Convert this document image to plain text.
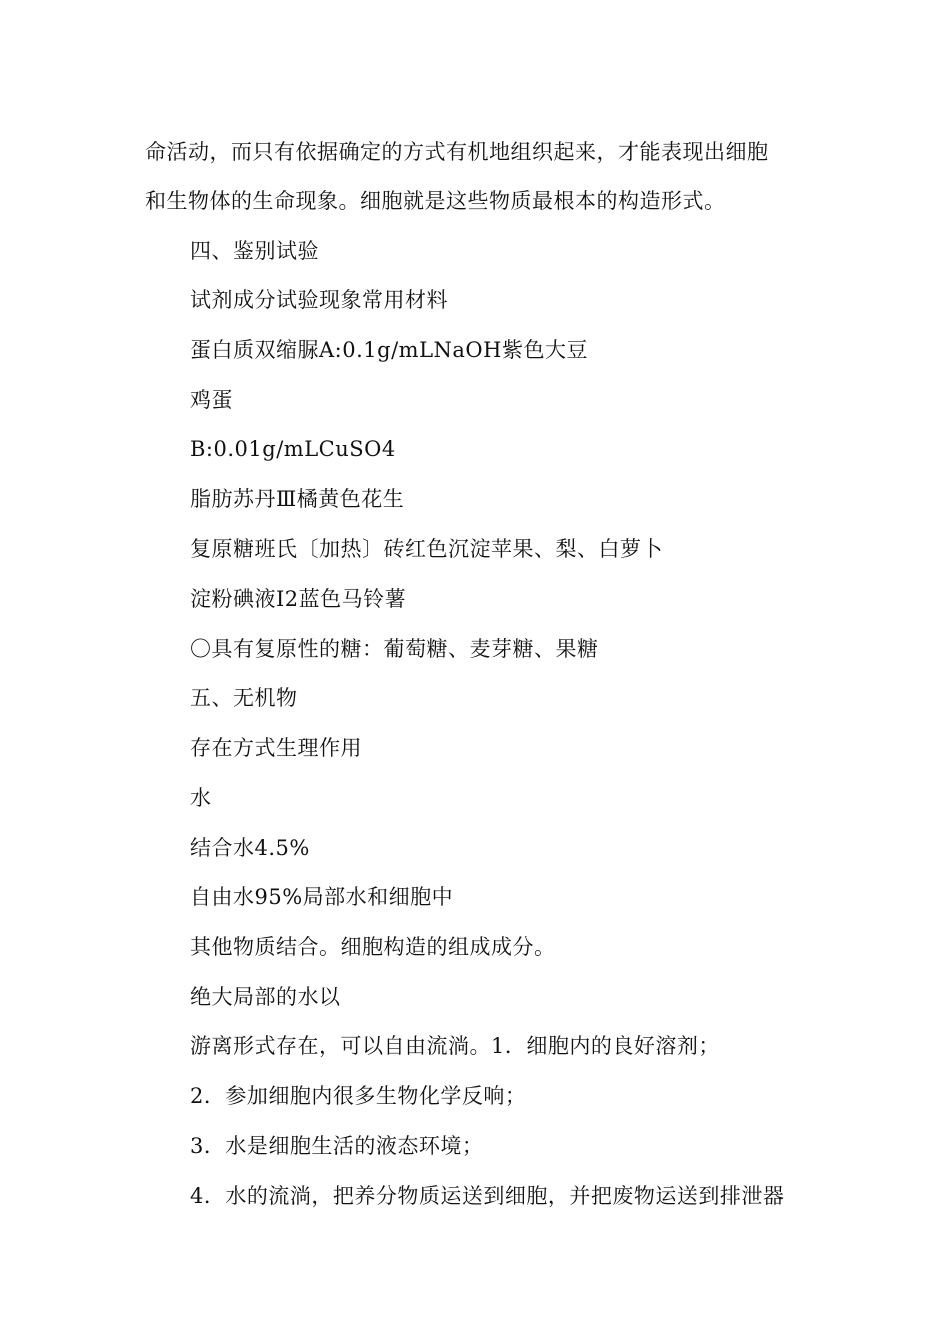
命活动，而只有依据确定的方式有机地组织起来，才能表现出细胞

和生物体的生命现象。细胞就是这些物质最根本的构造形式。

四、鉴别试验

试剂成分试验现象常用材料

蛋白质双缩脲A:0.1g/mLNaOH紫色大豆

鸡蛋

B:0.01g/mLCuSO4

脂肪苏丹Ⅲ橘黄色花生

复原糖班氏〔加热〕砖红色沉淀苹果、梨、白萝卜

淀粉碘液I2蓝色马铃薯

〇具有复原性的糖：葡萄糖、麦芽糖、果糖

五、无机物

存在方式生理作用

水

结合水4.5%

自由水95%局部水和细胞中

其他物质结合。细胞构造的组成成分。

绝大局部的水以

游离形式存在，可以自由流淌。1．细胞内的良好溶剂；

2．参加细胞内很多生物化学反响；

3．水是细胞生活的液态环境；

4．水的流淌，把养分物质运送到细胞，并把废物运送到排泄器
